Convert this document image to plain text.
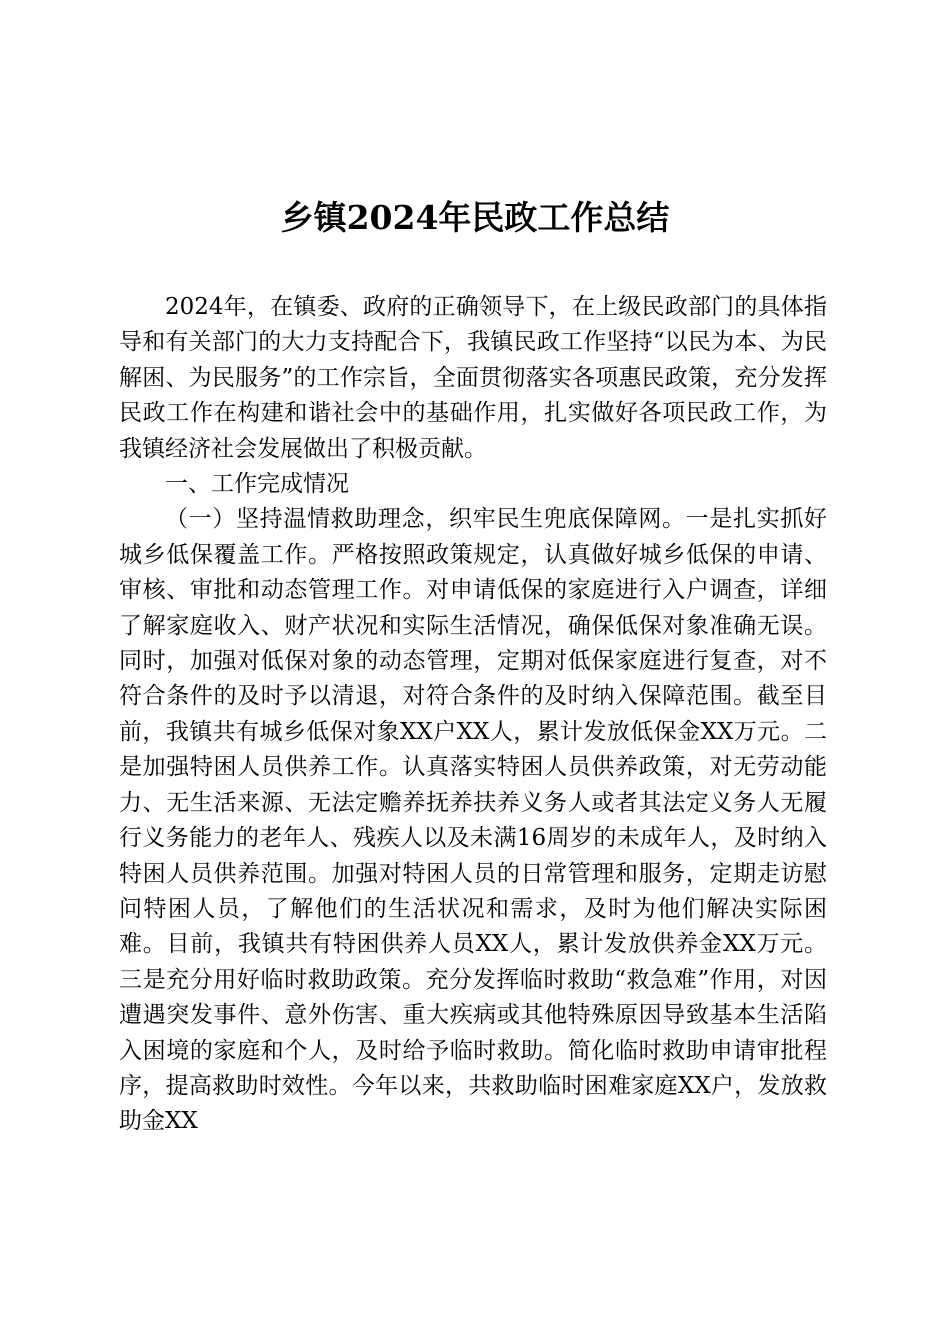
乡镇2024年民政工作总结

2024年，在镇委、政府的正确领导下，在上级民政部门的具体指导和有关部门的大力支持配合下，我镇民政工作坚持“以民为本、为民解困、为民服务”的工作宗旨，全面贯彻落实各项惠民政策，充分发挥民政工作在构建和谐社会中的基础作用，扎实做好各项民政工作，为我镇经济社会发展做出了积极贡献。

一、工作完成情况

（一）坚持温情救助理念，织牢民生兜底保障网。一是扎实抓好城乡低保覆盖工作。严格按照政策规定，认真做好城乡低保的申请、审核、审批和动态管理工作。对申请低保的家庭进行入户调查，详细了解家庭收入、财产状况和实际生活情况，确保低保对象准确无误。同时，加强对低保对象的动态管理，定期对低保家庭进行复查，对不符合条件的及时予以清退，对符合条件的及时纳入保障范围。截至目前，我镇共有城乡低保对象XX户XX人，累计发放低保金XX万元。二是加强特困人员供养工作。认真落实特困人员供养政策，对无劳动能力、无生活来源、无法定赡养抚养扶养义务人或者其法定义务人无履行义务能力的老年人、残疾人以及未满16周岁的未成年人，及时纳入特困人员供养范围。加强对特困人员的日常管理和服务，定期走访慰问特困人员，了解他们的生活状况和需求，及时为他们解决实际困难。目前，我镇共有特困供养人员XX人，累计发放供养金XX万元。三是充分用好临时救助政策。充分发挥临时救助“救急难”作用，对因遭遇突发事件、意外伤害、重大疾病或其他特殊原因导致基本生活陷入困境的家庭和个人，及时给予临时救助。简化临时救助申请审批程序，提高救助时效性。今年以来，共救助临时困难家庭XX户，发放救助金XX
